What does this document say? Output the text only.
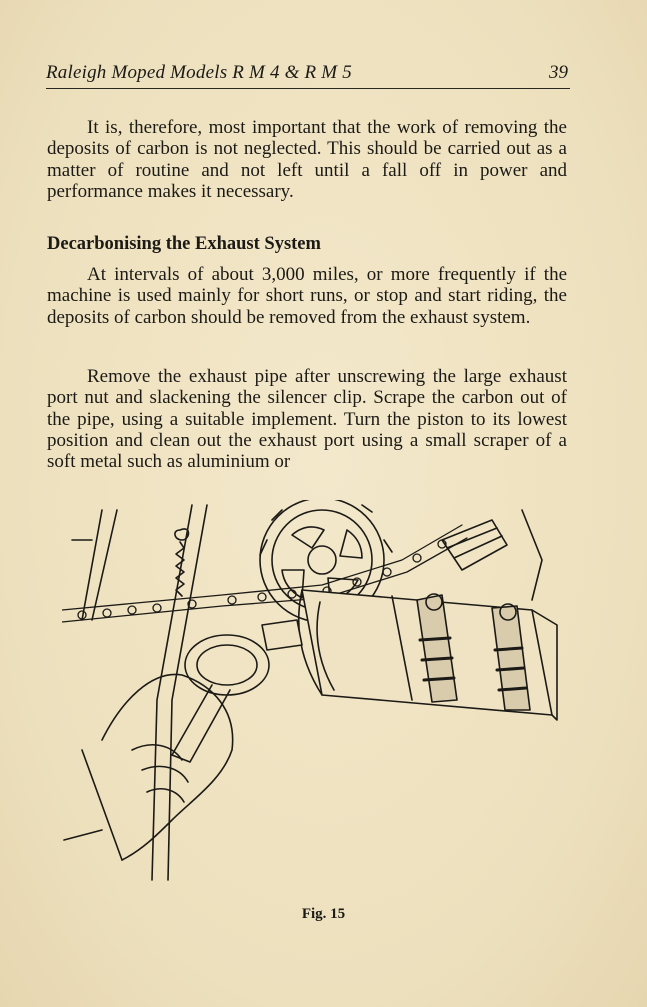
Raleigh Moped Models R M 4 & R M 5	39

It is, therefore, most important that the work of removing the deposits of carbon is not neglected. This should be carried out as a matter of routine and not left until a fall off in power and performance makes it necessary.

Decarbonising the Exhaust System

At intervals of about 3,000 miles, or more frequently if the machine is used mainly for short runs, or stop and start riding, the deposits of carbon should be removed from the exhaust system.

Remove the exhaust pipe after unscrewing the large exhaust port nut and slackening the silencer clip. Scrape the carbon out of the pipe, using a suitable implement. Turn the piston to its lowest position and clean out the exhaust port using a small scraper of a soft metal such as aluminium or

Fig. 15
